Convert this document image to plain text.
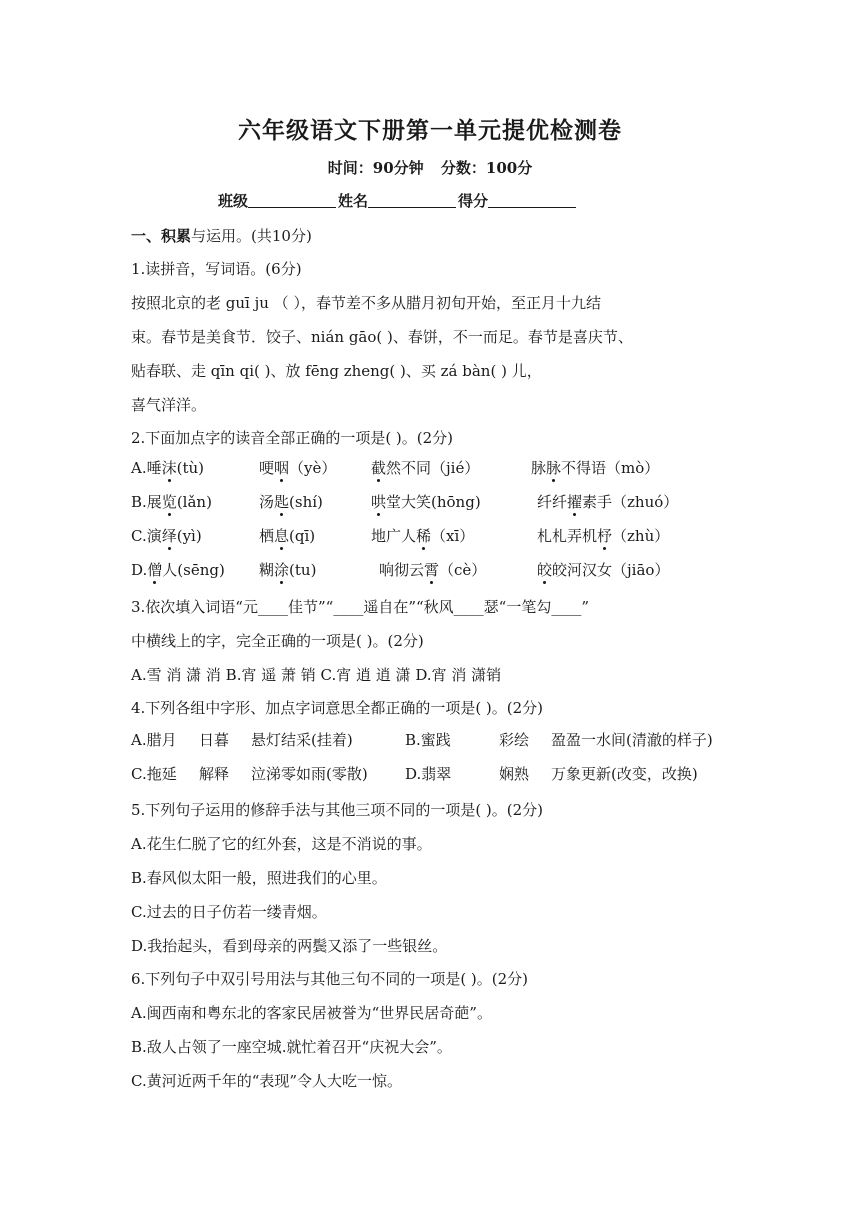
六年级语文下册第一单元提优检测卷
时间：90分钟 分数：100分
班级	姓名	得分
一、积累与运用。(共10分)
1.读拼音，写词语。(6分)
按照北京的老 guī ju （ ），春节差不多从腊月初旬开始，至正月十九结
束。春节是美食节．饺子、nián gāo( )、春饼，不一而足。春节是喜庆节、
贴春联、走 qīn qi( )、放 fēng zheng( )、买 zá bàn( ) 儿，
喜气洋洋。
2.下面加点字的读音全部正确的一项是( )。(2分)
A.唾沫(tù)	哽咽（yè） 截然不同（jié）	脉脉不得语（mò）
B.展览(lǎn)	汤匙(shí)	哄堂大笑(hōng)	纤纤擢素手（zhuó）
C.演绎(yì)	栖息(qī)	地广人稀（xī）	札札弄机杼（zhù）
D.僧人(sēng) 糊涂(tu)	响彻云霄（cè）	皎皎河汉女（jiāo）
3.依次填入词语“元____佳节”“____遥自在”“秋风____瑟“一笔勾____”
中横线上的字，完全正确的一项是( )。(2分)
A.雪 消 潇 消 B.宵 遥 萧 销 C.宵 逍 逍 潇 D.宵 消 潇销
4.下列各组中字形、加点字词意思全都正确的一项是( )。(2分)
A.腊月 日暮 悬灯结采(挂着)	B.蜜践	彩绘 盈盈一水间(清澈的样子)
C.拖延 解释 泣涕零如雨(零散) D.翡翠	娴熟 万象更新(改变，改换)
5.下列句子运用的修辞手法与其他三项不同的一项是( )。(2分)
A.花生仁脱了它的红外套，这是不消说的事。
B.春风似太阳一般，照进我们的心里。
C.过去的日子仿若一缕青烟。
D.我抬起头，看到母亲的两鬓又添了一些银丝。
6.下列句子中双引号用法与其他三句不同的一项是( )。(2分)
A.闽西南和粤东北的客家民居被誉为“世界民居奇葩”。
B.敌人占领了一座空城.就忙着召开“庆祝大会”。
C.黄河近两千年的“表现”令人大吃一惊。
